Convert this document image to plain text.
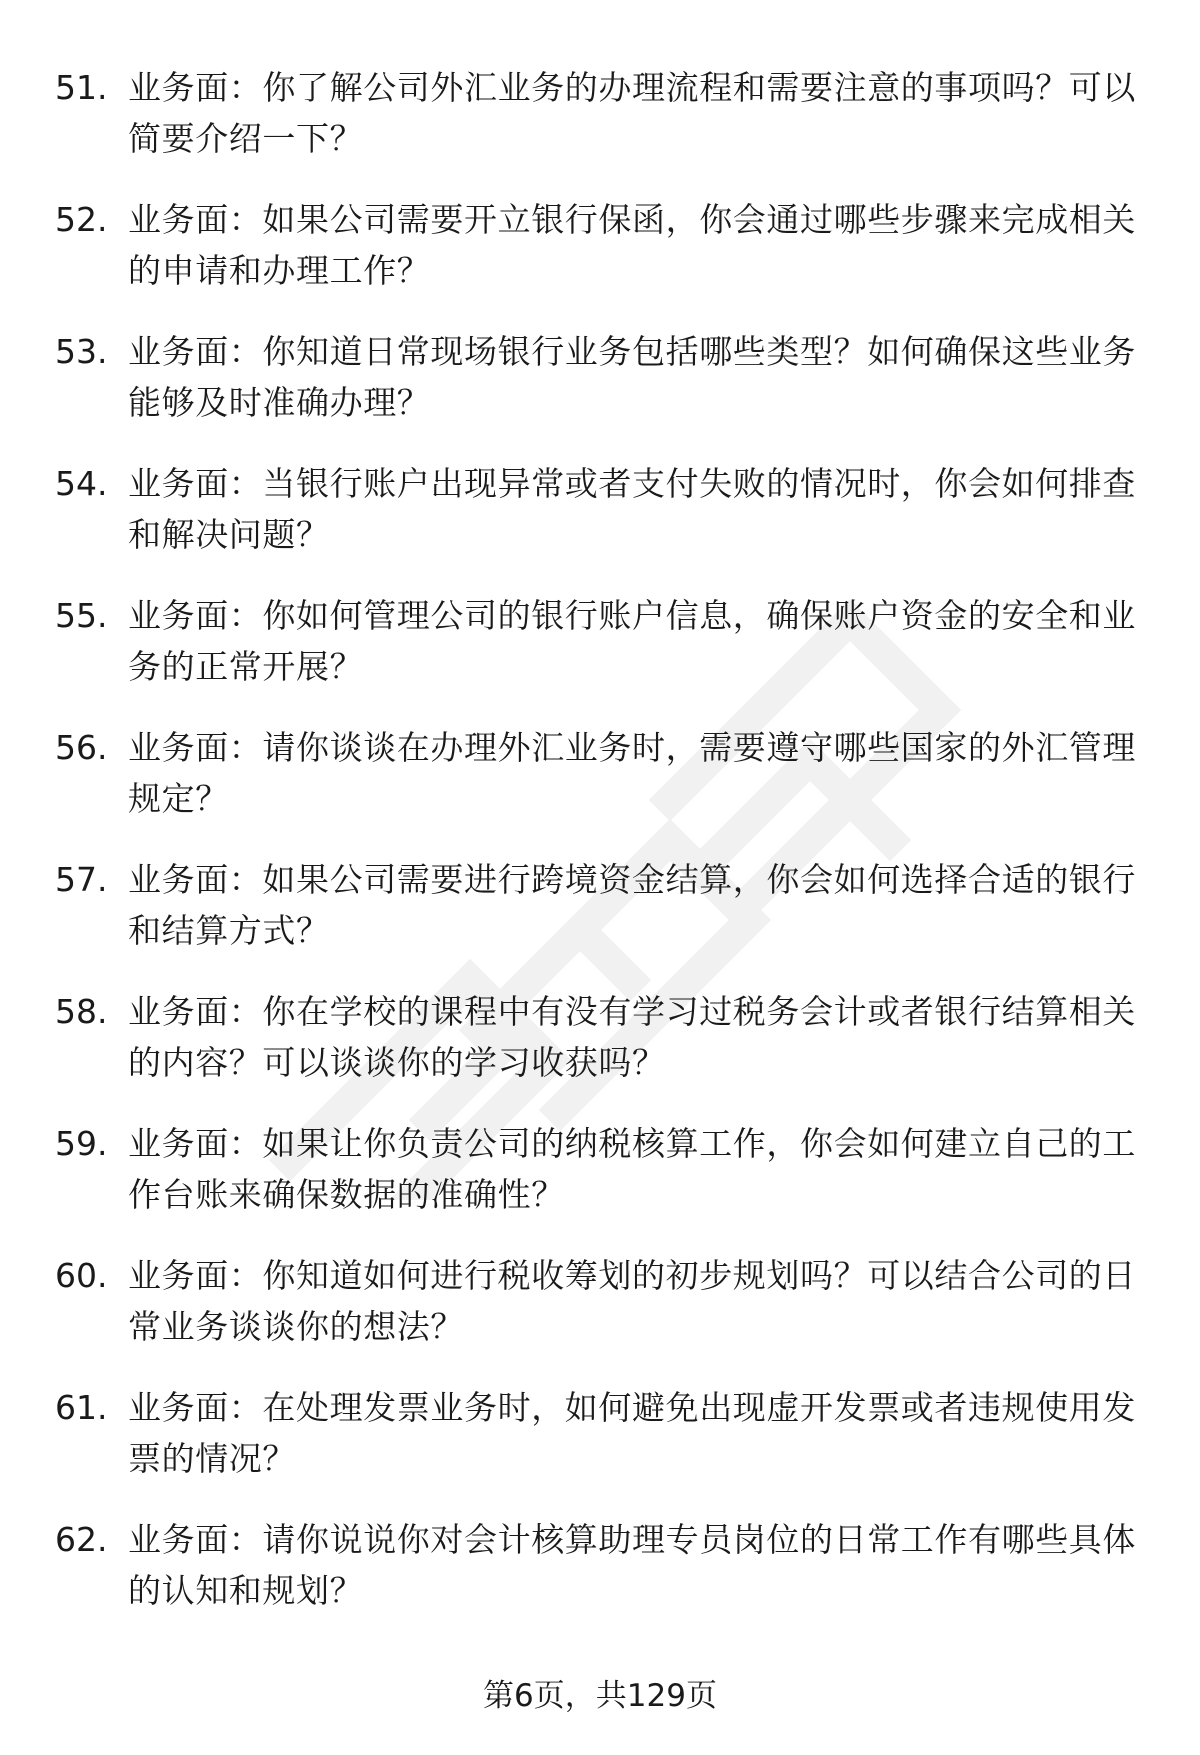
51. 业务面：你了解公司外汇业务的办理流程和需要注意的事项吗？可以简要介绍一下？
52. 业务面：如果公司需要开立银行保函，你会通过哪些步骤来完成相关的申请和办理工作？
53. 业务面：你知道日常现场银行业务包括哪些类型？如何确保这些业务能够及时准确办理？
54. 业务面：当银行账户出现异常或者支付失败的情况时，你会如何排查和解决问题？
55. 业务面：你如何管理公司的银行账户信息，确保账户资金的安全和业务的正常开展？
56. 业务面：请你谈谈在办理外汇业务时，需要遵守哪些国家的外汇管理规定？
57. 业务面：如果公司需要进行跨境资金结算，你会如何选择合适的银行和结算方式？
58. 业务面：你在学校的课程中有没有学习过税务会计或者银行结算相关的内容？可以谈谈你的学习收获吗？
59. 业务面：如果让你负责公司的纳税核算工作，你会如何建立自己的工作台账来确保数据的准确性？
60. 业务面：你知道如何进行税收筹划的初步规划吗？可以结合公司的日常业务谈谈你的想法？
61. 业务面：在处理发票业务时，如何避免出现虚开发票或者违规使用发票的情况？
62. 业务面：请你说说你对会计核算助理专员岗位的日常工作有哪些具体的认知和规划？
第6页，共129页
